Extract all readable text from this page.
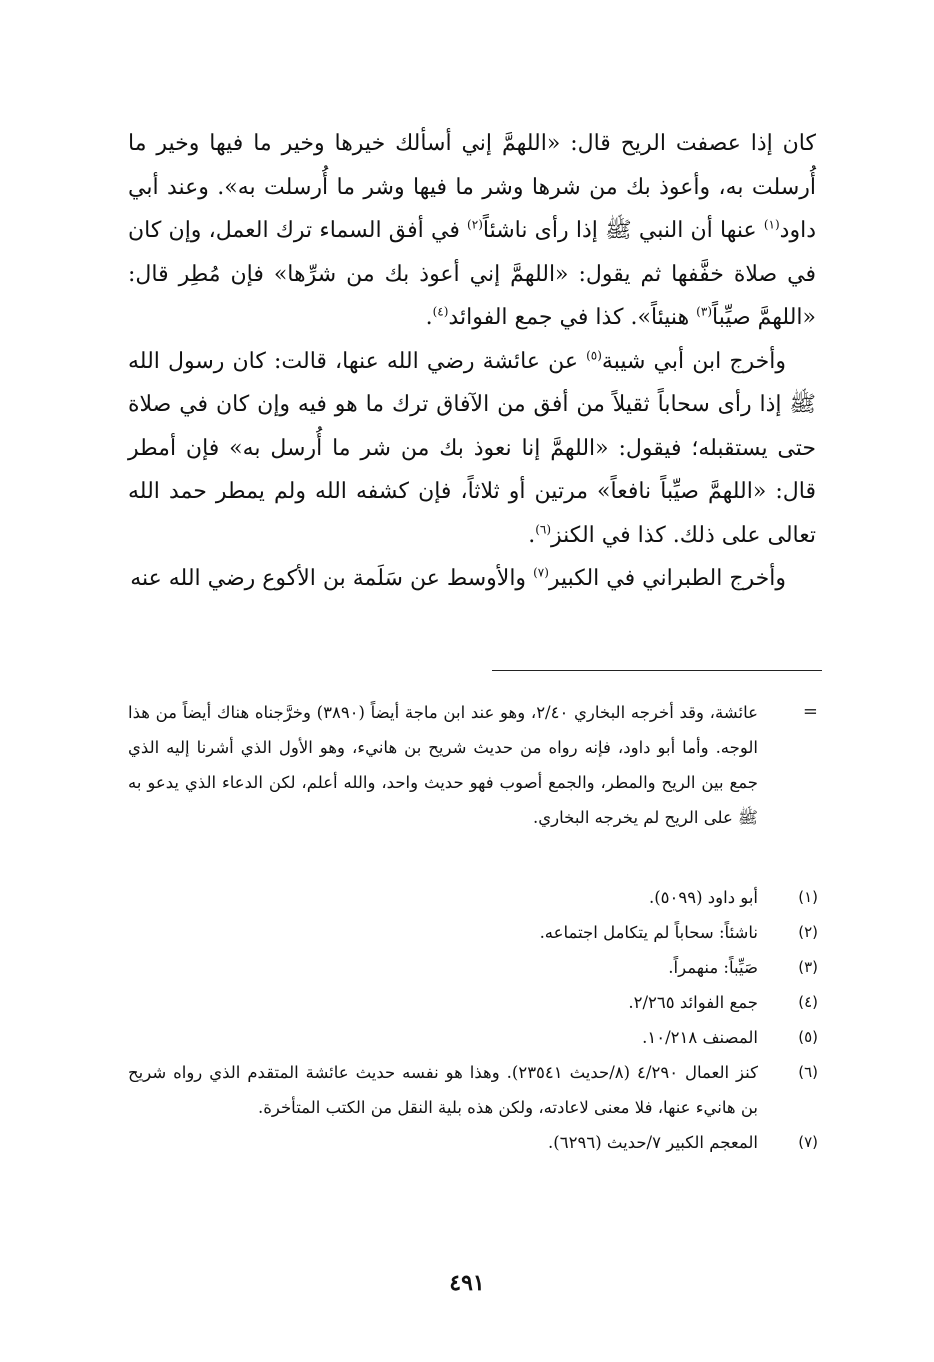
كان إذا عصفت الريح قال: «اللهمَّ إني أسألك خيرها وخير ما فيها وخير ما أُرسلت به، وأعوذ بك من شرها وشر ما فيها وشر ما أُرسلت به». وعند أبي داود$^{(١)}$ عنها أن النبي ﷺ إذا رأى ناشئاً$^{(٢)}$ في أفق السماء ترك العمل، وإن كان في صلاة خفَّفها ثم يقول: «اللهمَّ إني أعوذ بك من شرِّها» فإن مُطِر قال: «اللهمَّ صيِّباً$^{(٣)}$ هنيئاً». كذا في جمع الفوائد$^{(٤)}$.

وأخرج ابن أبي شيبة$^{(٥)}$ عن عائشة رضي الله عنها، قالت: كان رسول الله ﷺ إذا رأى سحاباً ثقيلاً من أفق من الآفاق ترك ما هو فيه وإن كان في صلاة حتى يستقبله؛ فيقول: «اللهمَّ إنا نعوذ بك من شر ما أُرسل به» فإن أمطر قال: «اللهمَّ صيِّباً نافعاً» مرتين أو ثلاثاً، فإن كشفه الله ولم يمطر حمد الله تعالى على ذلك. كذا في الكنز$^{(٦)}$.

وأخرج الطبراني في الكبير$^{(٧)}$ والأوسط عن سَلَمة بن الأكوع رضي الله عنه

=
عائشة، وقد أخرجه البخاري ٢/٤٠، وهو عند ابن ماجة أيضاً (٣٨٩٠) وخرَّجناه هناك أيضاً من هذا الوجه. وأما أبو داود، فإنه رواه من حديث شريح بن هانيء، وهو الأول الذي أشرنا إليه الذي جمع بين الريح والمطر، والجمع أصوب فهو حديث واحد، والله أعلم، لكن الدعاء الذي يدعو به ﷺ على الريح لم يخرجه البخاري.
(١)
أبو داود (٥٠٩٩).
(٢)
ناشئاً: سحاباً لم يتكامل اجتماعه.
(٣)
صَيِّباً: منهمراً.
(٤)
جمع الفوائد ٢/٢٦٥.
(٥)
المصنف ١٠/٢١٨.
(٦)
كنز العمال ٤/٢٩٠ (٨/حديث ٢٣٥٤١). وهذا هو نفسه حديث عائشة المتقدم الذي رواه شريح بن هانيء عنها، فلا معنى لاعادته، ولكن هذه بلية النقل من الكتب المتأخرة.
(٧)
المعجم الكبير ٧/حديث (٦٢٩٦).
٤٩١
